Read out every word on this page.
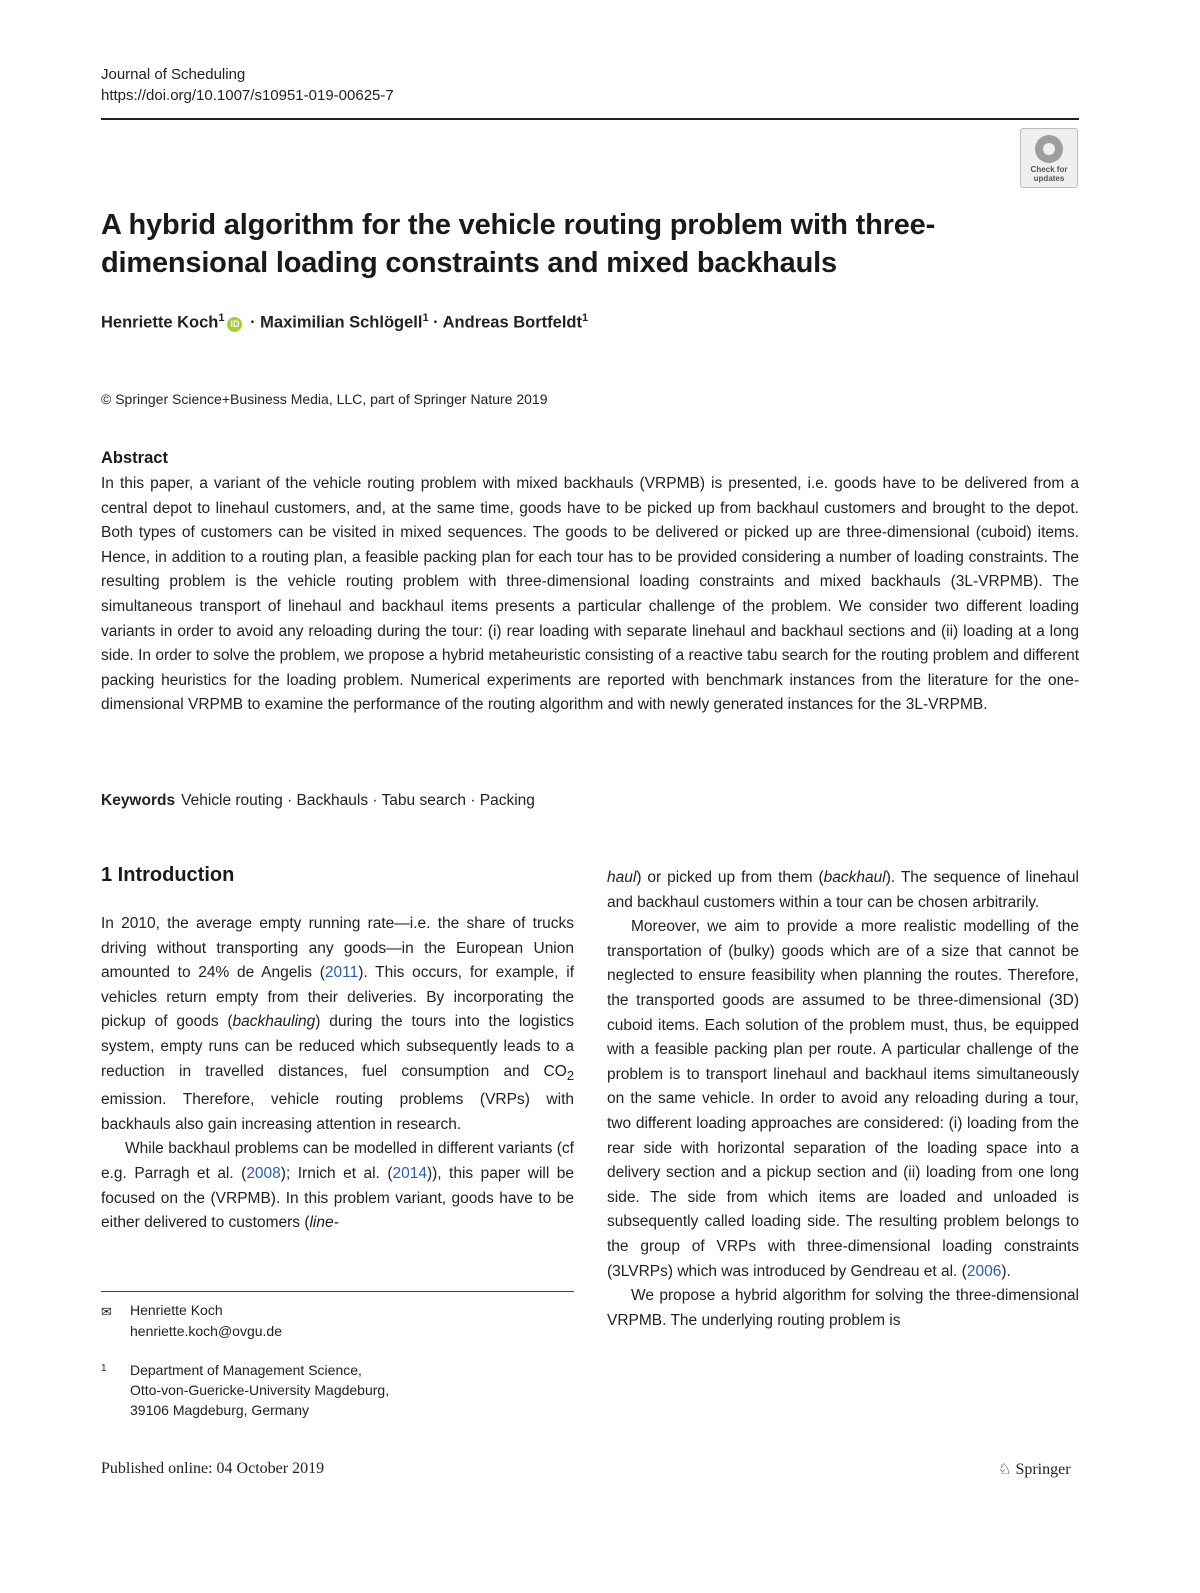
Journal of Scheduling
https://doi.org/10.1007/s10951-019-00625-7
Check for updates
A hybrid algorithm for the vehicle routing problem with three-dimensional loading constraints and mixed backhauls
Henriette Koch$^1$ iD · Maximilian Schlögell$^1$ · Andreas Bortfeldt$^1$
© Springer Science+Business Media, LLC, part of Springer Nature 2019
Abstract
In this paper, a variant of the vehicle routing problem with mixed backhauls (VRPMB) is presented, i.e. goods have to be delivered from a central depot to linehaul customers, and, at the same time, goods have to be picked up from backhaul customers and brought to the depot. Both types of customers can be visited in mixed sequences. The goods to be delivered or picked up are three-dimensional (cuboid) items. Hence, in addition to a routing plan, a feasible packing plan for each tour has to be provided considering a number of loading constraints. The resulting problem is the vehicle routing problem with three-dimensional loading constraints and mixed backhauls (3L-VRPMB). The simultaneous transport of linehaul and backhaul items presents a particular challenge of the problem. We consider two different loading variants in order to avoid any reloading during the tour: (i) rear loading with separate linehaul and backhaul sections and (ii) loading at a long side. In order to solve the problem, we propose a hybrid metaheuristic consisting of a reactive tabu search for the routing problem and different packing heuristics for the loading problem. Numerical experiments are reported with benchmark instances from the literature for the one-dimensional VRPMB to examine the performance of the routing algorithm and with newly generated instances for the 3L-VRPMB.
Keywords Vehicle routing · Backhauls · Tabu search · Packing
1 Introduction

In 2010, the average empty running rate—i.e. the share of trucks driving without transporting any goods—in the European Union amounted to 24% de Angelis (2011). This occurs, for example, if vehicles return empty from their deliveries. By incorporating the pickup of goods (backhauling) during the tours into the logistics system, empty runs can be reduced which subsequently leads to a reduction in travelled distances, fuel consumption and $CO_2$ emission. Therefore, vehicle routing problems (VRPs) with backhauls also gain increasing attention in research.

While backhaul problems can be modelled in different variants (cf e.g. Parragh et al. (2008); Irnich et al. (2014)), this paper will be focused on the (VRPMB). In this problem variant, goods have to be either delivered to customers (line-

haul) or picked up from them (backhaul). The sequence of linehaul and backhaul customers within a tour can be chosen arbitrarily.

Moreover, we aim to provide a more realistic modelling of the transportation of (bulky) goods which are of a size that cannot be neglected to ensure feasibility when planning the routes. Therefore, the transported goods are assumed to be three-dimensional (3D) cuboid items. Each solution of the problem must, thus, be equipped with a feasible packing plan per route. A particular challenge of the problem is to transport linehaul and backhaul items simultaneously on the same vehicle. In order to avoid any reloading during a tour, two different loading approaches are considered: (i) loading from the rear side with horizontal separation of the loading space into a delivery section and a pickup section and (ii) loading from one long side. The side from which items are loaded and unloaded is subsequently called loading side. The resulting problem belongs to the group of VRPs with three-dimensional loading constraints (3LVRPs) which was introduced by Gendreau et al. (2006).

We propose a hybrid algorithm for solving the three-dimensional VRPMB. The underlying routing problem is

✉ Henriette Koch
henriette.koch@ovgu.de
1 Department of Management Science,
Otto-von-Guericke-University Magdeburg,
39106 Magdeburg, Germany
Published online: 04 October 2019	♘ Springer
